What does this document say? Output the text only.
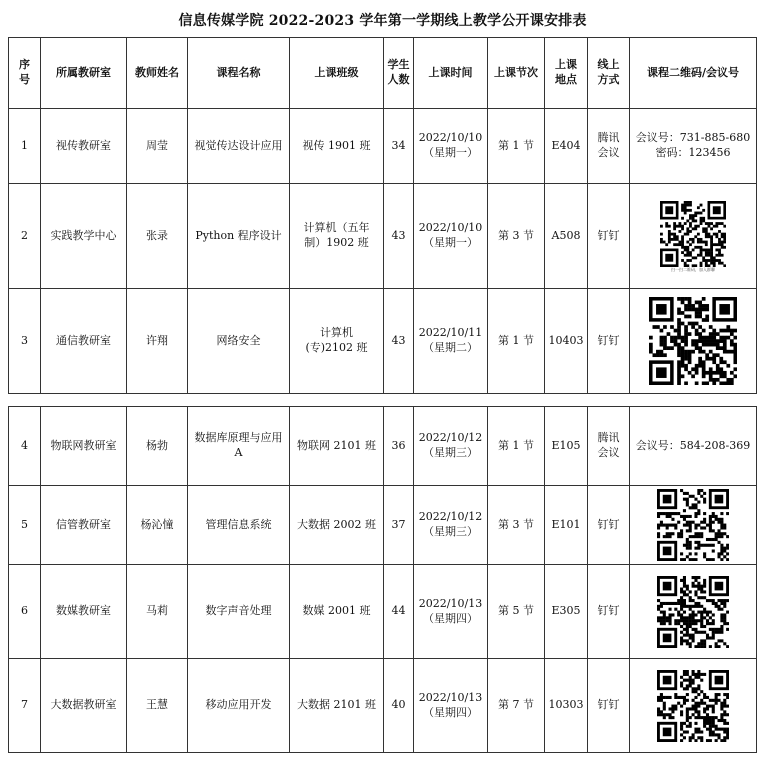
信息传媒学院 2022-2023 学年第一学期线上教学公开课安排表
序
号	所属教研室	教师姓名	课程名称	上课班级	学生
人数	上课时间	上课节次	上课
地点	线上
方式	课程二维码/会议号

1	视传教研室	周莹	视觉传达设计应用	视传 1901 班	34	2022/10/10
（星期一）	第 1 节	E404	腾讯
会议	会议号：731-885-680
密码：123456

2	实践教学中心	张录	Python 程序设计	计算机（五年
制）1902 班	43	2022/10/10
（星期一）	第 3 节	A508	钉钉	扫一扫二维码，加入群聊

3	通信教研室	许翔	网络安全	计算机
(专)2102 班	43	2022/10/11
（星期二）	第 1 节	10403	钉钉

4	物联网教研室	杨勃	数据库原理与应用
A	物联网 2101 班	36	2022/10/12
（星期三）	第 1 节	E105	腾讯
会议	会议号：584-208-369

5	信管教研室	杨沁憧	管理信息系统	大数据 2002 班	37	2022/10/12
（星期三）	第 3 节	E101	钉钉

6	数媒教研室	马莉	数字声音处理	数媒 2001 班	44	2022/10/13
（星期四）	第 5 节	E305	钉钉

7	大数据教研室	王慧	移动应用开发	大数据 2101 班	40	2022/10/13
（星期四）	第 7 节	10303	钉钉
